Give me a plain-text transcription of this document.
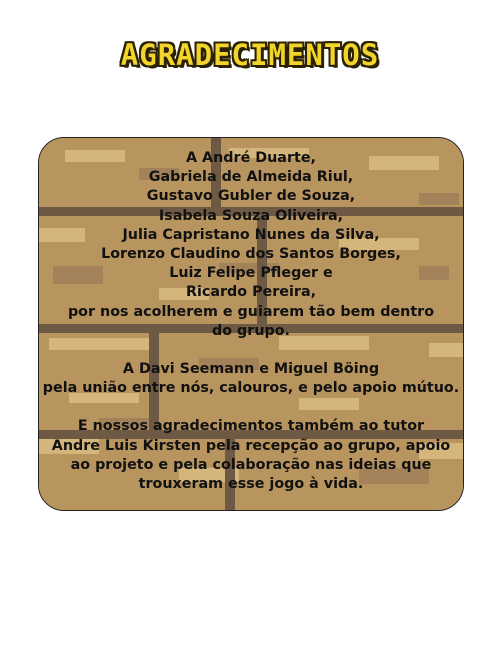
AGRADECIMENTOS

A André Duarte,

Gabriela de Almeida Riul,

Gustavo Gubler de Souza,

Isabela Souza Oliveira,

Julia Capristano Nunes da Silva,

Lorenzo Claudino dos Santos Borges,

Luiz Felipe Pfleger e

Ricardo Pereira,

por nos acolherem e guiarem tão bem dentro

do grupo.

A Davi Seemann e Miguel Böing

pela união entre nós, calouros, e pelo apoio mútuo.

E nossos agradecimentos também ao tutor

Andre Luis Kirsten pela recepção ao grupo, apoio

ao projeto e pela colaboração nas ideias que

trouxeram esse jogo à vida.
